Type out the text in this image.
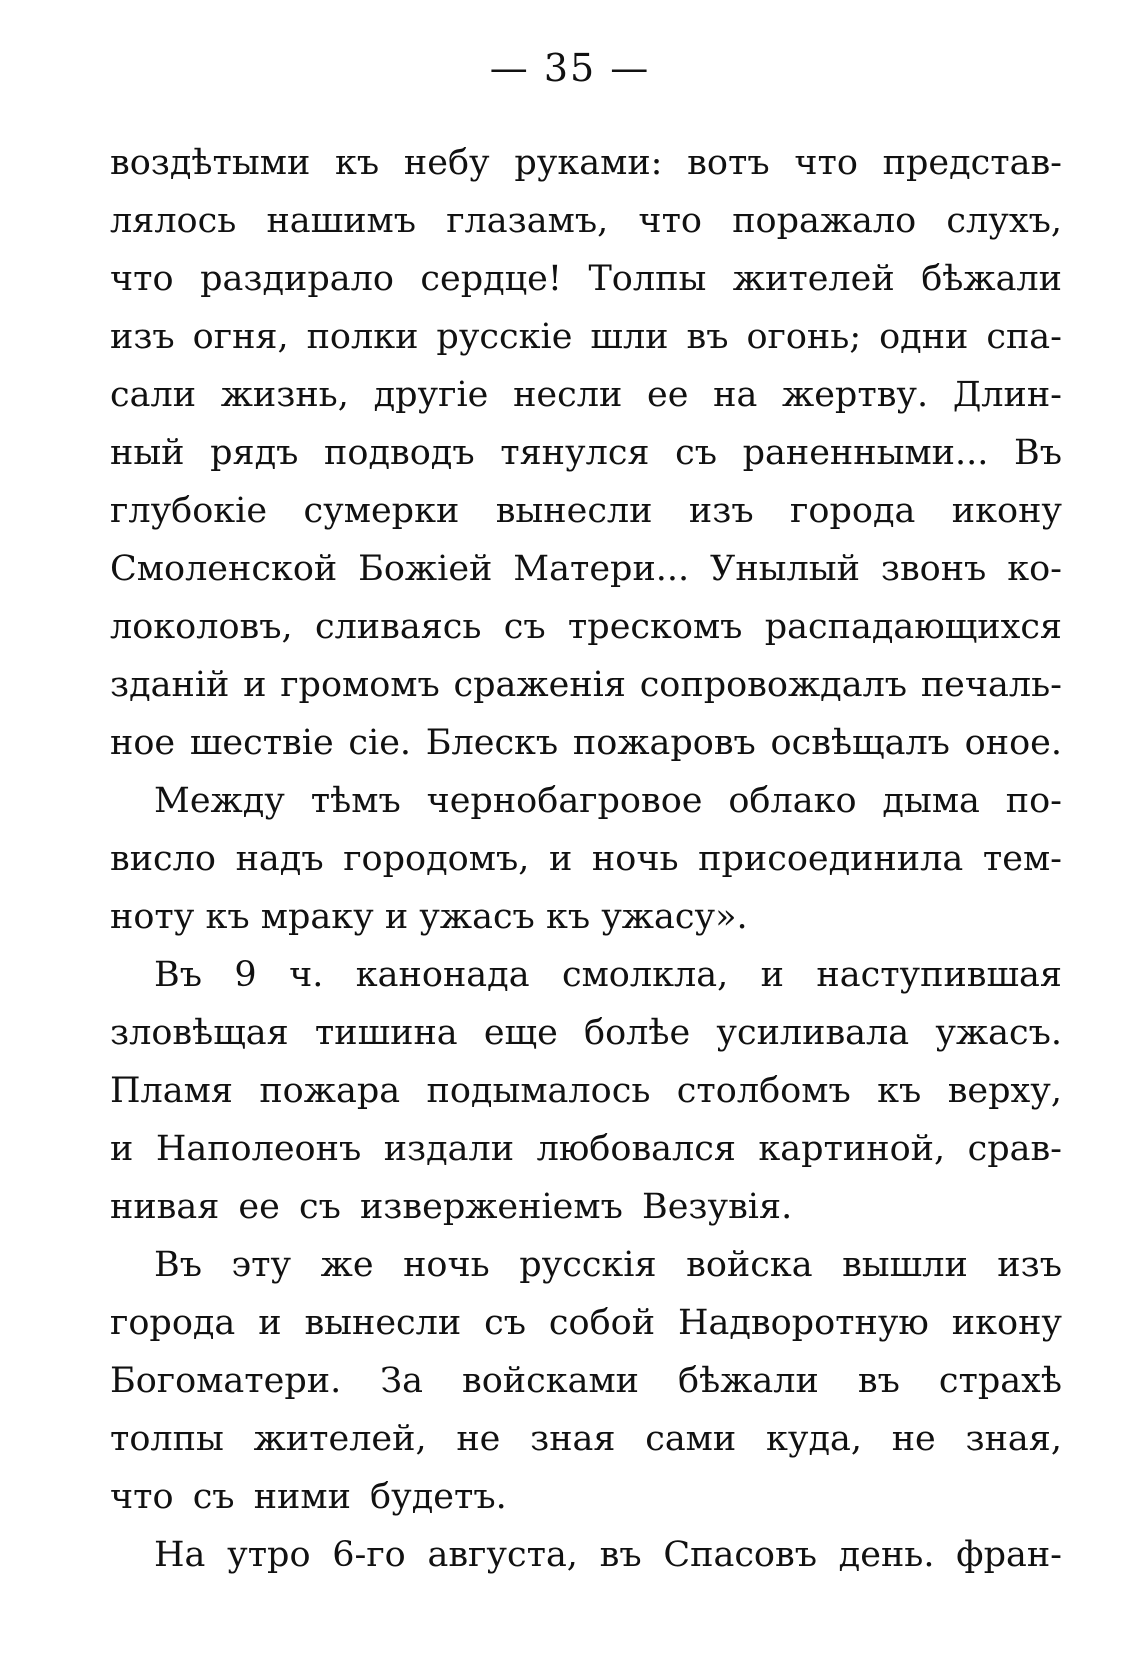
— 35 —
воздѣтыми къ небу руками: вотъ что представ-
лялось нашимъ глазамъ, что поражало слухъ,
что раздирало сердце! Толпы жителей бѣжали
изъ огня, полки русскіе шли въ огонь; одни спа-
сали жизнь, другіе несли ее на жертву. Длин-
ный рядъ подводъ тянулся съ раненными... Въ
глубокіе сумерки вынесли изъ города икону
Смоленской Божіей Матери... Унылый звонъ ко-
локоловъ, сливаясь съ трескомъ распадающихся
зданій и громомъ сраженія сопровождалъ печаль-
ное шествіе сіе. Блескъ пожаровъ освѣщалъ оное.
Между тѣмъ чернобагровое облако дыма по-
висло надъ городомъ, и ночь присоединила тем-
ноту къ мраку и ужасъ къ ужасу».
Въ 9 ч. канонада смолкла, и наступившая
зловѣщая тишина еще болѣе усиливала ужасъ.
Пламя пожара подымалось столбомъ къ верху,
и Наполеонъ издали любовался картиной, срав-
нивая ее съ изверженіемъ Везувія.
Въ эту же ночь русскія войска вышли изъ
города и вынесли съ собой Надворотную икону
Богоматери. За войсками бѣжали въ страхѣ
толпы жителей, не зная сами куда, не зная,
что съ ними будетъ.
На утро 6-го августа, въ Спасовъ день. фран-
